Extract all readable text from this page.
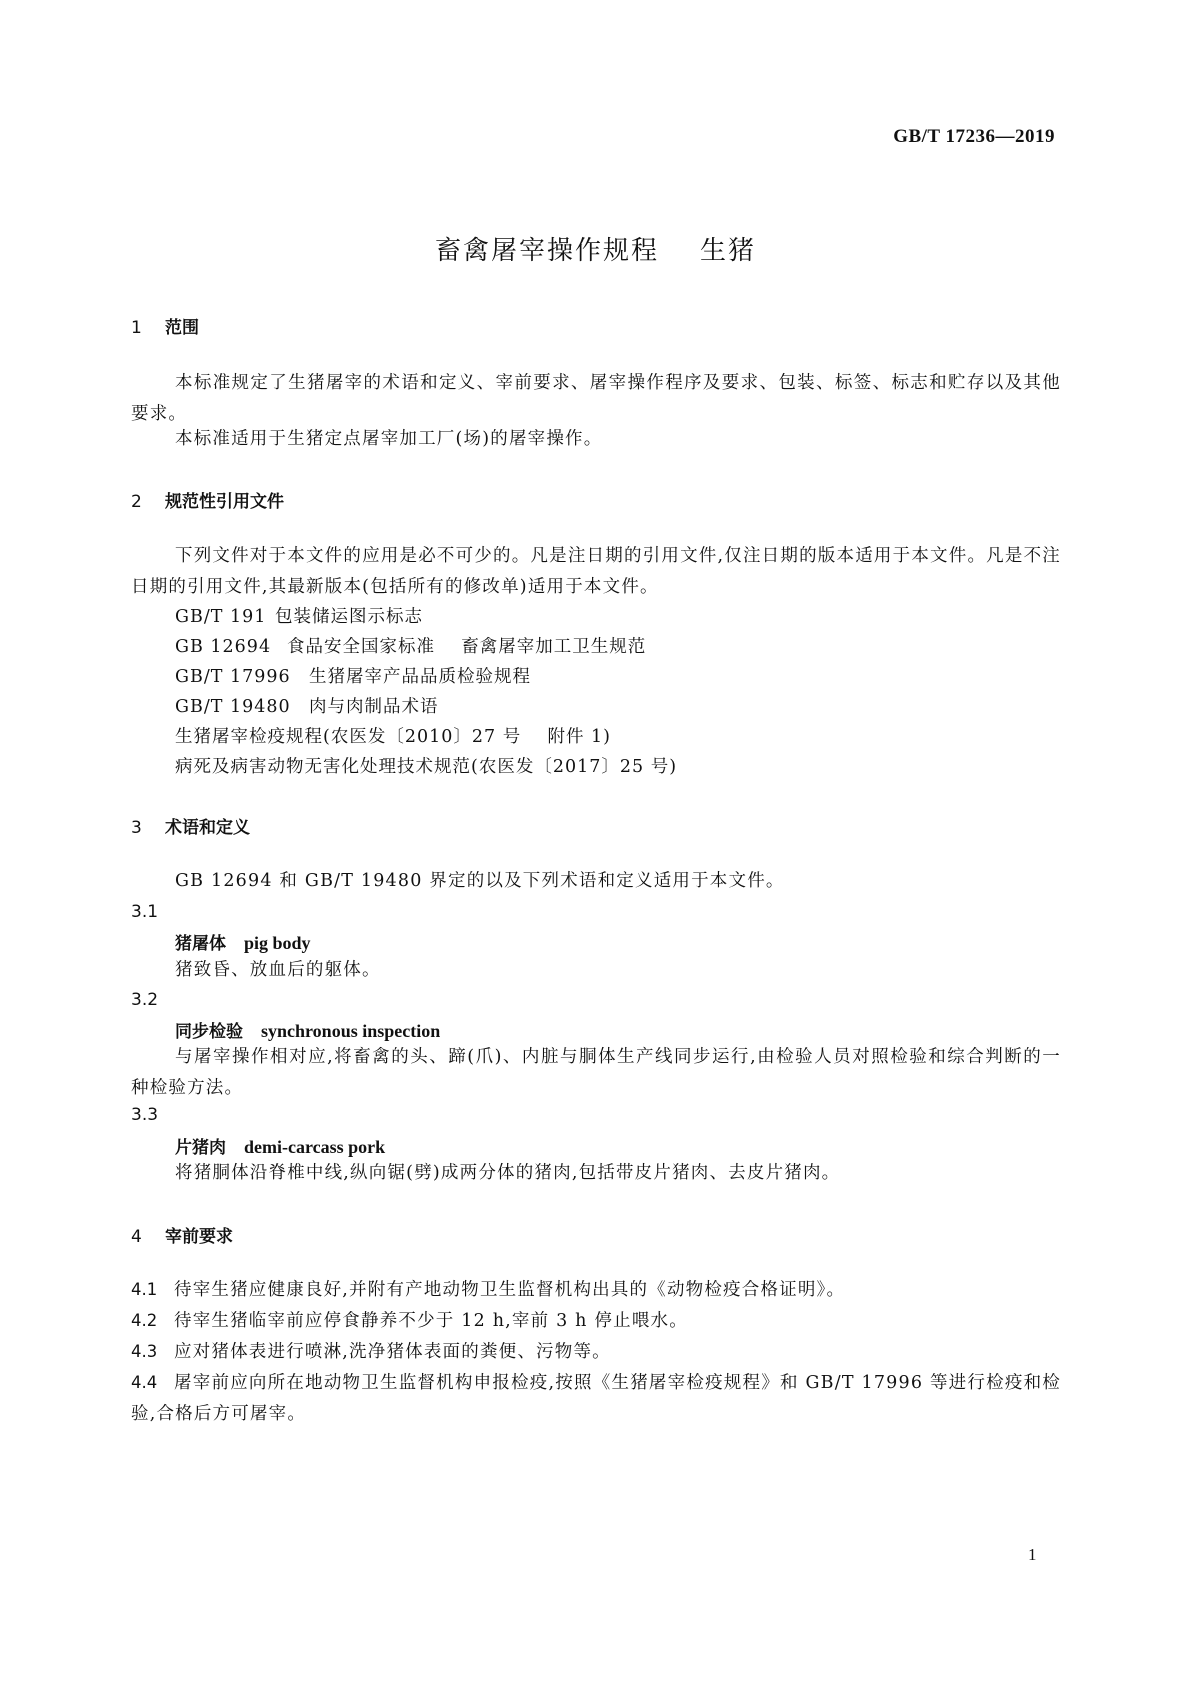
GB/T 17236—2019
畜禽屠宰操作规程    生猪
1 范围
本标准规定了生猪屠宰的术语和定义、宰前要求、屠宰操作程序及要求、包装、标签、标志和贮存以及其他要求。
本标准适用于生猪定点屠宰加工厂(场)的屠宰操作。
2 规范性引用文件
下列文件对于本文件的应用是必不可少的。凡是注日期的引用文件,仅注日期的版本适用于本文件。凡是不注日期的引用文件,其最新版本(包括所有的修改单)适用于本文件。
GB/T 191 包装储运图示标志
GB 12694 食品安全国家标准    畜禽屠宰加工卫生规范
GB/T 17996 生猪屠宰产品品质检验规程
GB/T 19480 肉与肉制品术语
生猪屠宰检疫规程(农医发〔2010〕27 号    附件 1)
病死及病害动物无害化处理技术规范(农医发〔2017〕25 号)
3 术语和定义
GB 12694 和 GB/T 19480 界定的以及下列术语和定义适用于本文件。
3.1
猪屠体 pig body
猪致昏、放血后的躯体。
3.2
同步检验 synchronous inspection
与屠宰操作相对应,将畜禽的头、蹄(爪)、内脏与胴体生产线同步运行,由检验人员对照检验和综合判断的一种检验方法。
3.3
片猪肉 demi-carcass pork
将猪胴体沿脊椎中线,纵向锯(劈)成两分体的猪肉,包括带皮片猪肉、去皮片猪肉。
4 宰前要求
4.1 待宰生猪应健康良好,并附有产地动物卫生监督机构出具的《动物检疫合格证明》。
4.2 待宰生猪临宰前应停食静养不少于 12 h,宰前 3 h 停止喂水。
4.3 应对猪体表进行喷淋,洗净猪体表面的粪便、污物等。
4.4 屠宰前应向所在地动物卫生监督机构申报检疫,按照《生猪屠宰检疫规程》和 GB/T 17996 等进行检疫和检验,合格后方可屠宰。
1
